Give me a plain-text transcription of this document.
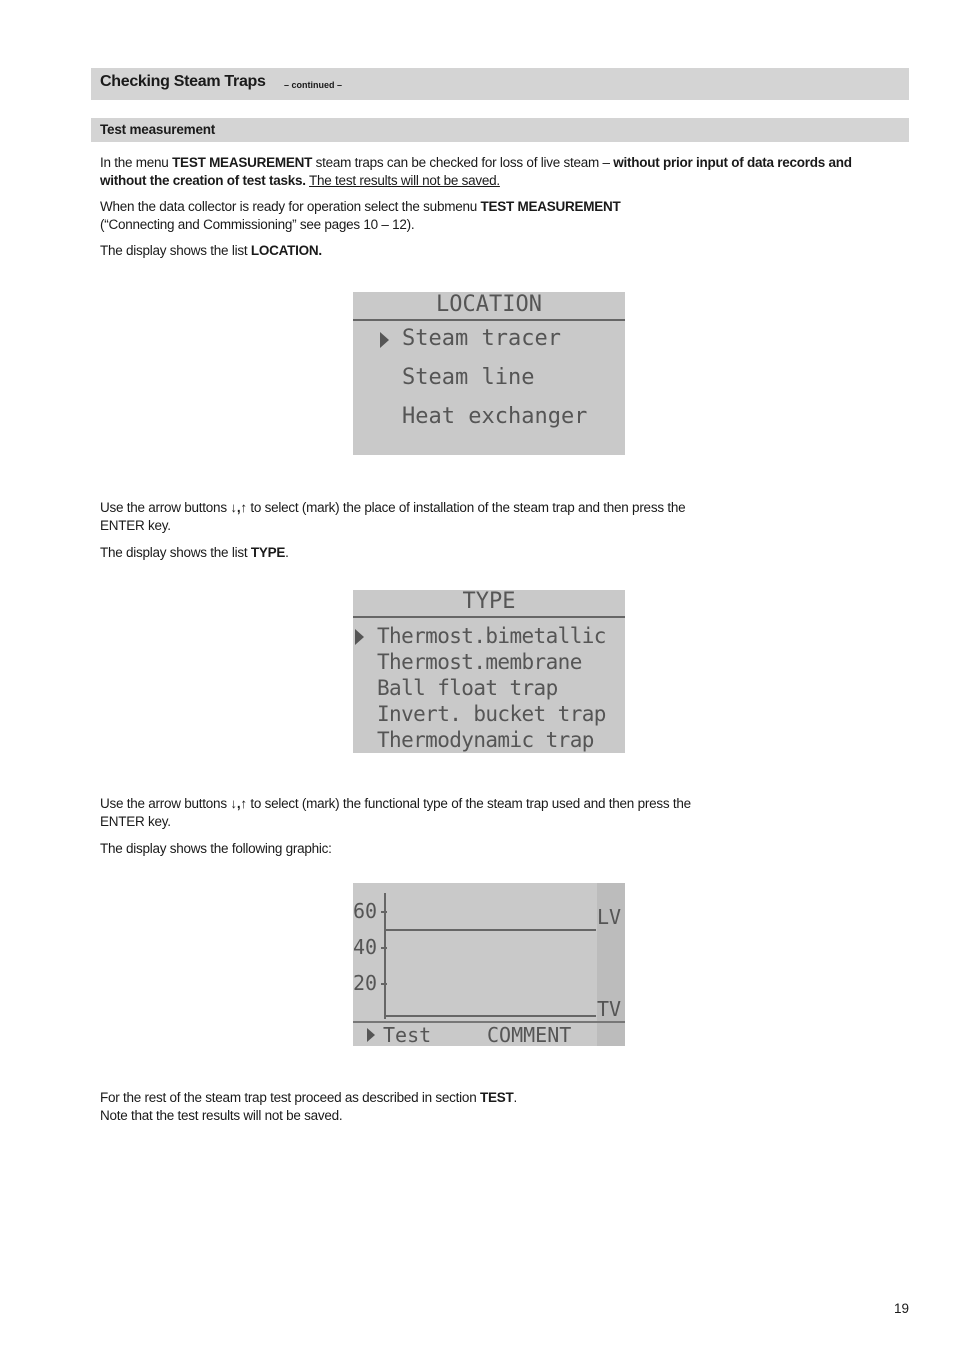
Checking Steam Traps – continued –
Test measurement
In the menu TEST MEASUREMENT steam traps can be checked for loss of live steam – without prior input of data records and
without the creation of test tasks. The test results will not be saved.
When the data collector is ready for operation select the submenu TEST MEASUREMENT
(“Connecting and Commissioning” see pages 10 – 12).
The display shows the list LOCATION.
LOCATION
Steam tracer
Steam line
Heat exchanger
Use the arrow buttons ↓,↑ to select (mark) the place of installation of the steam trap and then press the
ENTER key.
The display shows the list TYPE.
TYPE
Thermost.bimetallic
Thermost.membrane
Ball float trap
Invert. bucket trap
Thermodynamic trap
Use the arrow buttons ↓,↑ to select (mark) the functional type of the steam trap used and then press the
ENTER key.
The display shows the following graphic:
60
40
20
LV
TV
Test	COMMENT
For the rest of the steam trap test proceed as described in section TEST.
Note that the test results will not be saved.
19
